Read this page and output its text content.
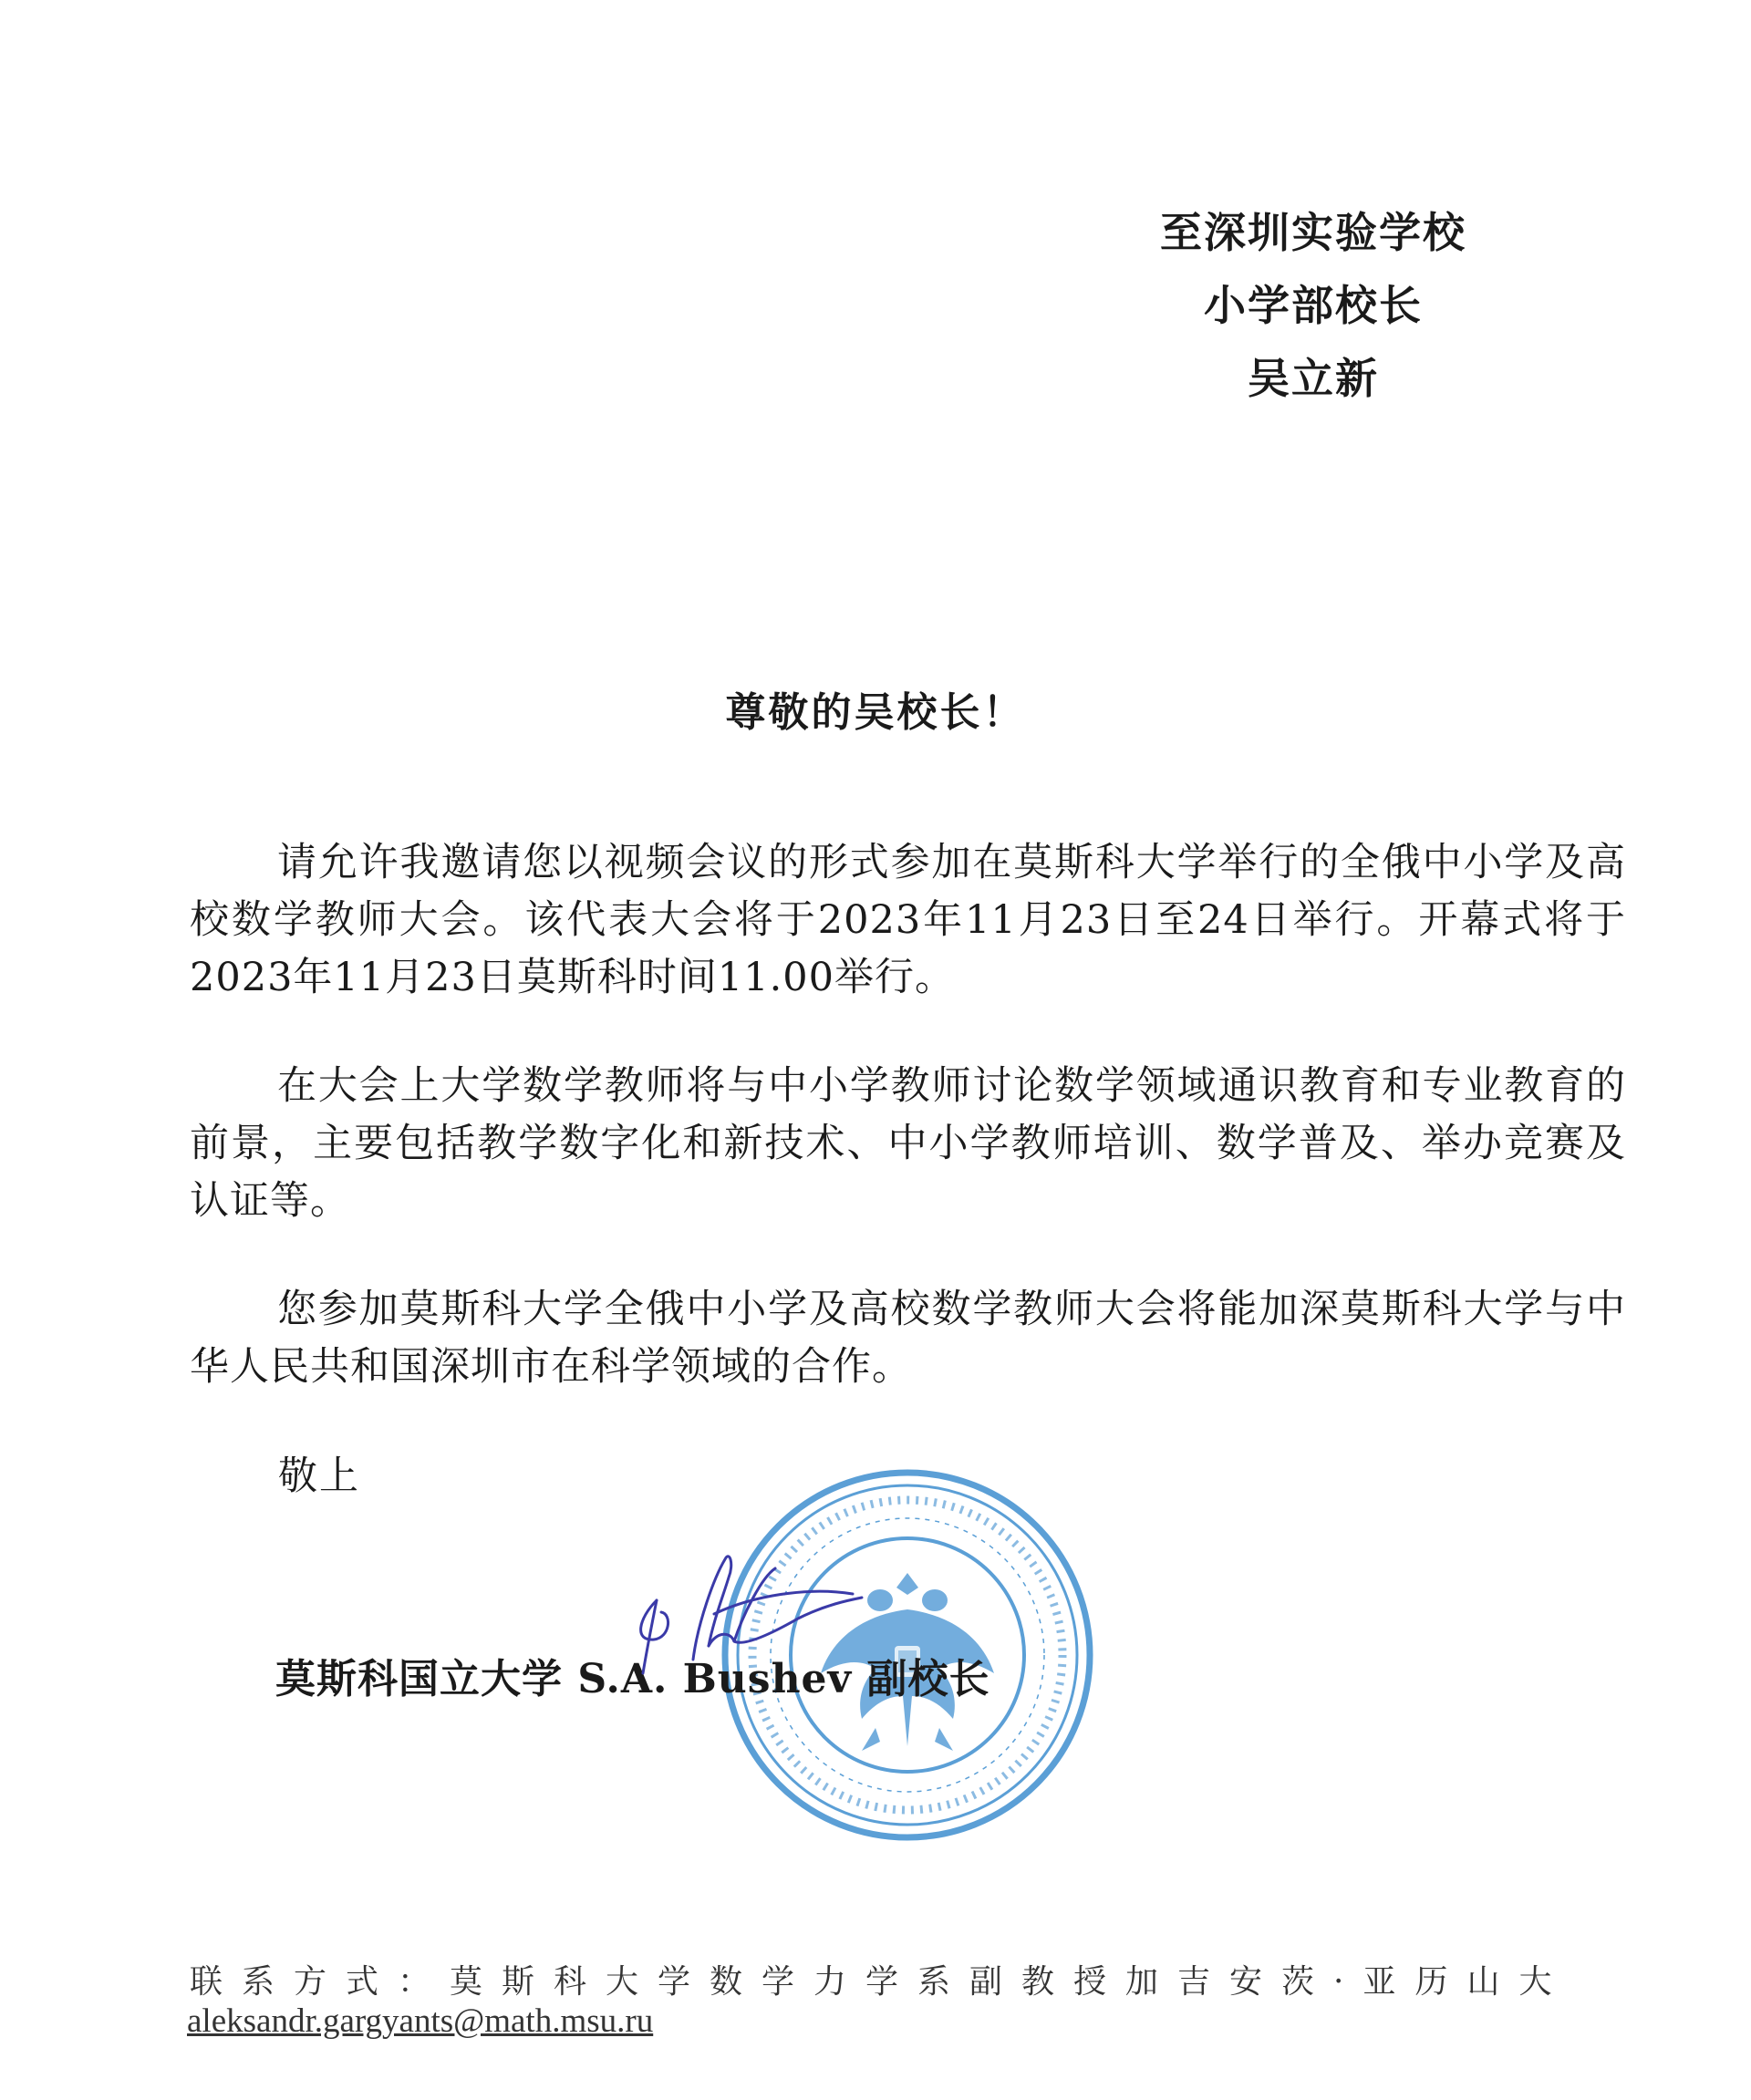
至深圳实验学校
小学部校长
吴立新
尊敬的吴校长！
请允许我邀请您以视频会议的形式参加在莫斯科大学举行的全俄中小学及高校数学教师大会。该代表大会将于2023年11月23日至24日举行。开幕式将于2023年11月23日莫斯科时间11.00举行。
在大会上大学数学教师将与中小学教师讨论数学领域通识教育和专业教育的前景，主要包括教学数字化和新技术、中小学教师培训、数学普及、举办竞赛及认证等。
您参加莫斯科大学全俄中小学及高校数学教师大会将能加深莫斯科大学与中华人民共和国深圳市在科学领域的合作。
敬上
莫斯科国立大学 S.A. Bushev 副校长
联系方式：莫斯科大学数学力学系副教授加吉安茨·亚历山大
aleksandr.gargyants@math.msu.ru
